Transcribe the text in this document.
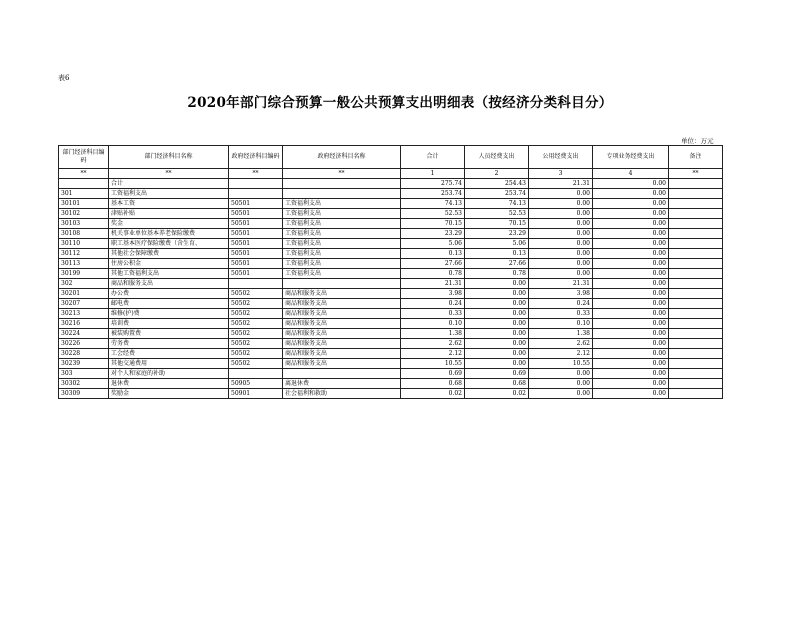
表6
2020年部门综合预算一般公共预算支出明细表（按经济分类科目分）
单位：万元
部门经济科目编码	部门经济科目名称	政府经济科目编码	政府经济科目名称	合计	人员经费支出	公用经费支出	专项业务经费支出	备注
**	**	**	**	1	2	3	4	**
	合计			275.74	254.43	21.31	0.00	
301	工资福利支出			253.74	253.74	0.00	0.00	
30101	基本工资	50501	工资福利支出	74.13	74.13	0.00	0.00	
30102	津贴补贴	50501	工资福利支出	52.53	52.53	0.00	0.00	
30103	奖金	50501	工资福利支出	70.15	70.15	0.00	0.00	
30108	机关事业单位基本养老保险缴费	50501	工资福利支出	23.29	23.29	0.00	0.00	
30110	职工基本医疗保险缴费（含生育、	50501	工资福利支出	5.06	5.06	0.00	0.00	
30112	其他社会保障缴费	50501	工资福利支出	0.13	0.13	0.00	0.00	
30113	住房公积金	50501	工资福利支出	27.66	27.66	0.00	0.00	
30199	其他工资福利支出	50501	工资福利支出	0.78	0.78	0.00	0.00	
302	商品和服务支出			21.31	0.00	21.31	0.00	
30201	办公费	50502	商品和服务支出	3.98	0.00	3.98	0.00	
30207	邮电费	50502	商品和服务支出	0.24	0.00	0.24	0.00	
30213	维修(护)费	50502	商品和服务支出	0.33	0.00	0.33	0.00	
30216	培训费	50502	商品和服务支出	0.10	0.00	0.10	0.00	
30224	被装购置费	50502	商品和服务支出	1.38	0.00	1.38	0.00	
30226	劳务费	50502	商品和服务支出	2.62	0.00	2.62	0.00	
30228	工会经费	50502	商品和服务支出	2.12	0.00	2.12	0.00	
30239	其他交通费用	50502	商品和服务支出	10.55	0.00	10.55	0.00	
303	对个人和家庭的补助			0.69	0.69	0.00	0.00	
30302	退休费	50905	离退休费	0.68	0.68	0.00	0.00	
30309	奖励金	50901	社会福利和救助	0.02	0.02	0.00	0.00	
